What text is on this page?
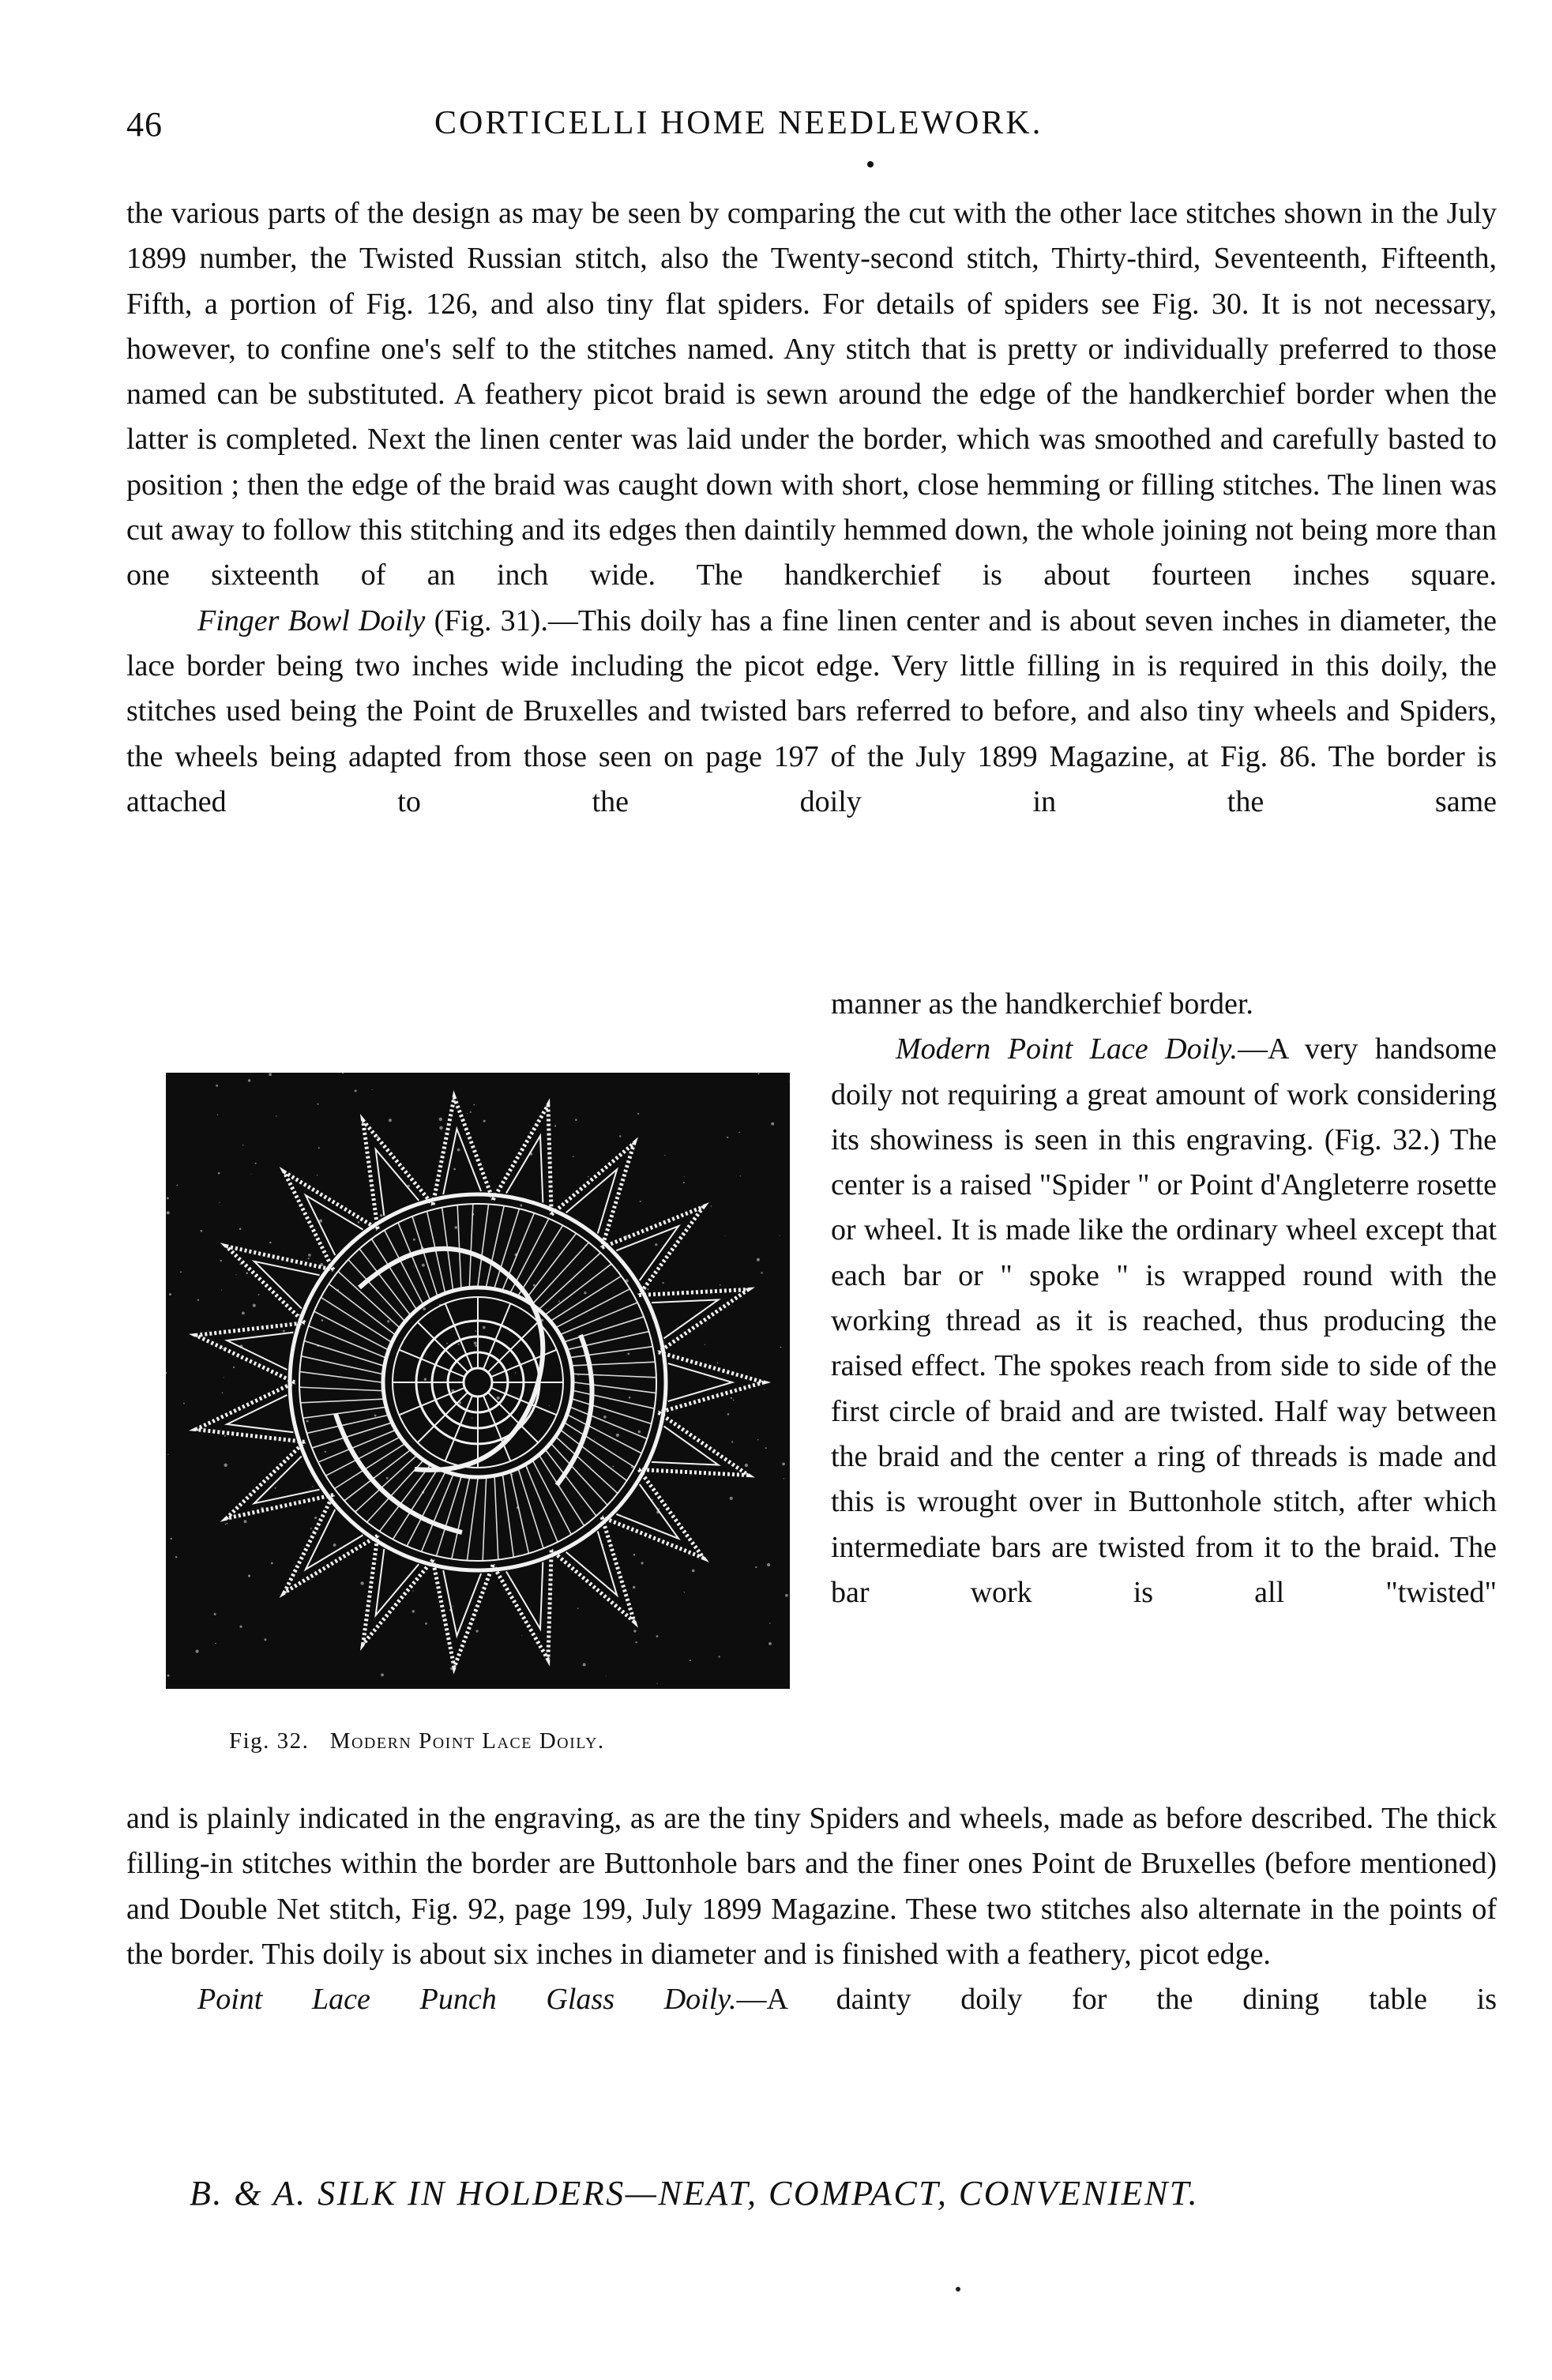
46	CORTICELLI HOME NEEDLEWORK.

the various parts of the design as may be seen by comparing the cut with the other lace stitches shown in the July 1899 number, the Twisted Russian stitch, also the Twenty-second stitch, Thirty-third, Seventeenth, Fifteenth, Fifth, a portion of Fig. 126, and also tiny flat spiders. For details of spiders see Fig. 30. It is not necessary, however, to confine one's self to the stitches named. Any stitch that is pretty or individually preferred to those named can be substituted. A feathery picot braid is sewn around the edge of the handkerchief border when the latter is completed. Next the linen center was laid under the border, which was smoothed and carefully basted to position ; then the edge of the braid was caught down with short, close hemming or filling stitches. The linen was cut away to follow this stitching and its edges then daintily hemmed down, the whole joining not being more than one sixteenth of an inch wide. The handkerchief is about fourteen inches square.

Finger Bowl Doily (Fig. 31).—This doily has a fine linen center and is about seven inches in diameter, the lace border being two inches wide including the picot edge. Very little filling in is required in this doily, the stitches used being the Point de Bruxelles and twisted bars referred to before, and also tiny wheels and Spiders, the wheels being adapted from those seen on page 197 of the July 1899 Magazine, at Fig. 86. The border is attached to the doily in the same

Fig. 32. Modern Point Lace Doily.

manner as the handkerchief border.

Modern Point Lace Doily.—A very handsome doily not requiring a great amount of work considering its showiness is seen in this engraving. (Fig. 32.) The center is a raised "Spider " or Point d'Angleterre rosette or wheel. It is made like the ordinary wheel except that each bar or " spoke " is wrapped round with the working thread as it is reached, thus producing the raised effect. The spokes reach from side to side of the first circle of braid and are twisted. Half way between the braid and the center a ring of threads is made and this is wrought over in Buttonhole stitch, after which intermediate bars are twisted from it to the braid. The bar work is all "twisted"

and is plainly indicated in the engraving, as are the tiny Spiders and wheels, made as before described. The thick filling-in stitches within the border are Buttonhole bars and the finer ones Point de Bruxelles (before mentioned) and Double Net stitch, Fig. 92, page 199, July 1899 Magazine. These two stitches also alternate in the points of the border. This doily is about six inches in diameter and is finished with a feathery, picot edge.

Point Lace Punch Glass Doily.—A dainty doily for the dining table is

B. & A. SILK IN HOLDERS—NEAT, COMPACT, CONVENIENT.
